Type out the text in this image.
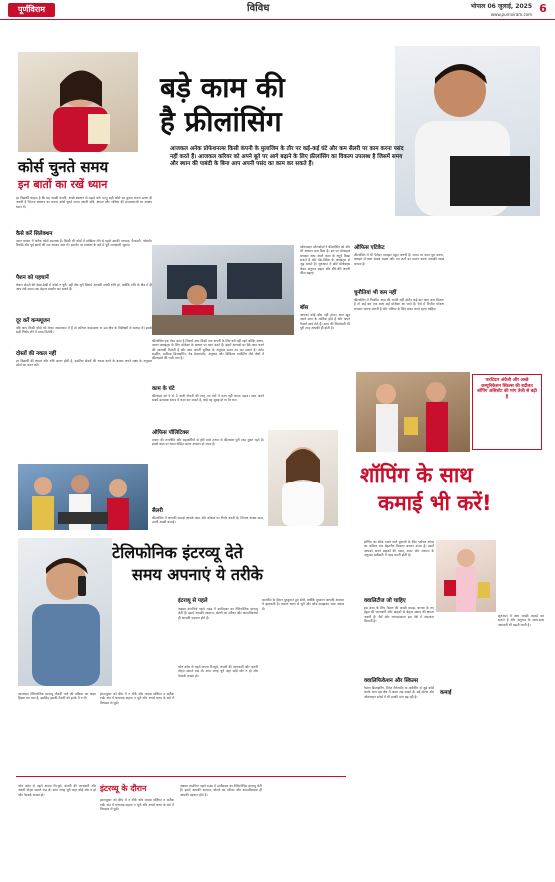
पूर्णविराम	विविध	भोपाल 06 जुलाई, 2025
www.purnviram.com 6
कोर्स चुनते समय
इन बातों का रखें ध्यान
हर विद्यार्थी चाहता है कि वह अच्छी कंपनी, अच्छे संस्थान से पढ़ाई करे। परंतु सही कोर्स का चुनाव करना उतना ही जरूरी है जितना संस्थान का चयन। कोर्स चुनते समय अपनी रुचि, क्षमता और भविष्य की संभावनाओं पर अवश्य ध्यान दें।
कैसे करें सिलेक्शन
आज बाजार में अनेक कोर्स उपलब्ध हैं। किसी भी कोर्स में दाखिला लेने से पहले उसकी मान्यता, फैकल्टी, प्लेसमेंट रिकॉर्ड और पूर्व छात्रों की राय अवश्य जान लें। इंटरनेट पर संस्थान के बारे में पूरी जानकारी जुटाएं।
पैशन को पहचानें
केवल दोस्तों की देखा-देखी में कोर्स न चुनें। वही क्षेत्र चुनें जिसमें आपकी सच्ची रुचि हो, क्योंकि रुचि के क्षेत्र में ही आप लंबे समय तक बेहतर प्रदर्शन कर सकते हैं।
दूर करें कन्फ्यूजन
यदि आप किसी कोर्स को लेकर असमंजस में हैं तो करियर काउंसलर या उस क्षेत्र के विशेषज्ञों से सलाह लें। इससे सही निर्णय लेने में मदद मिलेगी।
दोस्तों की नकल नहीं
हर विद्यार्थी की क्षमता और रुचि अलग होती है, इसलिए दोस्तों की नकल करने के बजाय अपने लक्ष्य के अनुसार कोर्स का चयन करें।
बड़े काम की
है फ्रीलांसिंग
आजकल अनेक प्रोफेशनल्स किसी कंपनी के मुलाजिम के तौर पर कई-कई घंटे और कम सैलरी पर काम करना पसंद नहीं करते हैं। आजकल करियर को अपने बूते पर आगे बढ़ाने के लिए फ्रीलांसिंग का विकल्प उपलब्ध है जिसमें समय और स्थान की पाबंदी के बिना आप अपनी पसंद का काम कर सकते हैं।
फ्रीलांसिंग एक ऐसा काम है जिसमें आप किसी एक कंपनी के लिए बंधे नहीं रहते बल्कि अलग-अलग क्लाइंट्स के लिए प्रोजेक्ट के आधार पर काम करते हैं। इसमें आपको घर बैठे काम करने की आजादी मिलती है और आप अपनी सुविधा के अनुसार समय तय कर सकते हैं। कंटेंट राइटिंग, ग्राफिक डिजाइनिंग, वेब डेवलपमेंट, अनुवाद और डिजिटल मार्केटिंग जैसे क्षेत्रों में फ्रीलांसरों की भारी मांग है।
काम के घंटे
फ्रीलांसर को 9 से 5 वाली नौकरी की तरह तय घंटों में काम नहीं करना पड़ता। आप अपने सबसे उत्पादक समय में काम कर सकते हैं, चाहे वह सुबह हो या देर रात।
ऑफिस पॉलिटिक्स
दफ्तर की राजनीति और सहकर्मियों से होने वाले तनाव से फ्रीलांसर पूरी तरह मुक्त रहते हैं। इससे काम पर ध्यान केंद्रित करना आसान हो जाता है।
सैलरी
फ्रीलांसिंग में आपकी कमाई आपके काम और कौशल पर निर्भर करती है। जितना अच्छा काम, उतनी अच्छी कमाई।
ऑनलाइन प्लेटफॉर्म्स ने फ्रीलांसिंग को और भी आसान बना दिया है। इन पर प्रोफाइल बनाकर आप अपने काम के नमूने दिखा सकते हैं और देश-विदेश के क्लाइंट्स से जुड़ सकते हैं। शुरुआत में छोटे प्रोजेक्ट्स लेकर अनुभव बढ़ाएं और धीरे-धीरे अपनी फीस बढ़ाएं।
बॉस
आपका कोई बॉस नहीं होता। आप खुद अपने काम के मालिक होते हैं और अपने फैसले स्वयं लेते हैं। काम की जिम्मेदारी भी पूरी तरह आपकी ही होती है।
ऑफिस एटिकेट
फ्रीलांसिंग में भी पेशेवर व्यवहार बहुत जरूरी है। समय पर काम पूरा करना, क्लाइंट से स्पष्ट संवाद रखना और तय शर्तों का पालन करना आपकी साख बनाता है।
चुनौतियां भी कम नहीं
फ्रीलांसिंग में नियमित आय की गारंटी नहीं होती। कई बार काम कम मिलता है तो कई बार एक साथ कई प्रोजेक्ट आ जाते हैं। ऐसे में वित्तीय योजना बनाकर चलना जरूरी है और भविष्य के लिए बचत करते रहना चाहिए।
फर्राटेदार अंग्रेजी और अच्छे कम्युनिकेशन स्किल्स की बदौलत शॉपिंग असिस्टेंट की मांग तेजी से बढ़ी है
शॉपिंग के साथ
कमाई भी करें!
शॉपिंग का शौक रखने वाले युवाओं के लिए पर्सनल शॉपर का करियर एक बेहतरीन विकल्प बनकर उभरा है। इसमें आपको अपने ग्राहकों की पसंद, बजट और जरूरत के अनुसार खरीदारी में मदद करनी होती है।
क्वालिटीज जो चाहिए
इस काम के लिए फैशन की अच्छी समझ, बाजार के नए ट्रेंड्स की जानकारी और ग्राहकों से बेहतर संवाद की क्षमता जरूरी है। धैर्य और रचनात्मकता इस पेशे में सफलता दिलाती है।
क्वालिफिकेशन और स्किल्स
फैशन डिजाइनिंग, रिटेल मैनेजमेंट या मार्केटिंग से जुड़े कोर्स करके आप इस क्षेत्र में कदम रख सकते हैं। बड़े मॉल्स और ऑनलाइन स्टोर्स में भी इनकी मांग बढ़ रही है।
शुरुआत में आप अच्छी कमाई कर सकते हैं और अनुभव के साथ-साथ आमदनी भी बढ़ती जाती है।
कमाई
टेलिफोनिक इंटरव्यू देते
समय अपनाएं ये तरीके
इंटरव्यू से पहले
अक्सर कंपनियां पहले राउंड में उम्मीदवार का टेलिफोनिक इंटरव्यू लेती हैं। इसमें आपकी आवाज, बोलने का तरीका और आत्मविश्वास ही आपकी पहचान होते हैं।
फोन कॉल से पहले अपना रिज्यूमे, कंपनी की जानकारी और जरूरी नोट्स सामने रख लें। शांत जगह चुनें जहां कोई शोर न हो और नेटवर्क अच्छा हो।
बातचीत के दौरान मुस्कुराते हुए बोलें, क्योंकि मुस्कान आपकी आवाज में झलकती है। सवाल ध्यान से सुनें और सोच-समझकर स्पष्ट जवाब दें।
आजकल टेलिफोनिक इंटरव्यू नौकरी पाने की प्रक्रिया का अहम हिस्सा बन गया है, इसलिए इसकी तैयारी को हल्के में न लें।
इंटरव्यूअर को बीच में न टोकें और जवाब संक्षिप्त व सटीक रखें। अंत में धन्यवाद कहना न भूलें और अगले चरण के बारे में विनम्रता से पूछें।
इंटरव्यू के दौरान
इंटरव्यूअर को बीच में न टोकें और जवाब संक्षिप्त व सटीक रखें। अंत में धन्यवाद कहना न भूलें और अगले चरण के बारे में विनम्रता से पूछें।
फोन कॉल से पहले अपना रिज्यूमे, कंपनी की जानकारी और जरूरी नोट्स सामने रख लें। शांत जगह चुनें जहां कोई शोर न हो और नेटवर्क अच्छा हो।
अक्सर कंपनियां पहले राउंड में उम्मीदवार का टेलिफोनिक इंटरव्यू लेती हैं। इसमें आपकी आवाज, बोलने का तरीका और आत्मविश्वास ही आपकी पहचान होते हैं।
